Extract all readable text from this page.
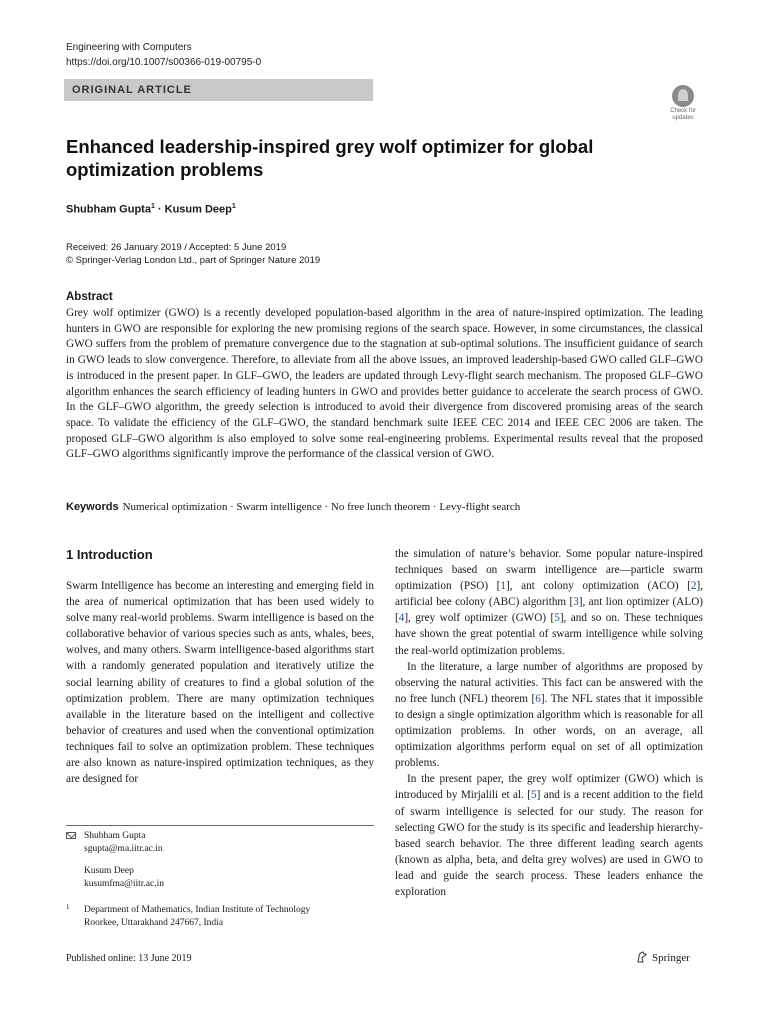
Engineering with Computers
https://doi.org/10.1007/s00366-019-00795-0
ORIGINAL ARTICLE
Check for updates
Enhanced leadership-inspired grey wolf optimizer for global optimization problems
Shubham Gupta$^1$ · Kusum Deep$^1$
Received: 26 January 2019 / Accepted: 5 June 2019
© Springer-Verlag London Ltd., part of Springer Nature 2019
Abstract
Grey wolf optimizer (GWO) is a recently developed population-based algorithm in the area of nature-inspired optimization. The leading hunters in GWO are responsible for exploring the new promising regions of the search space. However, in some circumstances, the classical GWO suffers from the problem of premature convergence due to the stagnation at sub-optimal solutions. The insufficient guidance of search in GWO leads to slow convergence. Therefore, to alleviate from all the above issues, an improved leadership-based GWO called GLF–GWO is introduced in the present paper. In GLF–GWO, the leaders are updated through Levy-flight search mechanism. The proposed GLF–GWO algorithm enhances the search efficiency of leading hunters in GWO and provides better guidance to accelerate the search process of GWO. In the GLF–GWO algorithm, the greedy selection is introduced to avoid their divergence from discovered promising areas of the search space. To validate the efficiency of the GLF–GWO, the standard benchmark suite IEEE CEC 2014 and IEEE CEC 2006 are taken. The proposed GLF–GWO algorithm is also employed to solve some real-engineering problems. Experimental results reveal that the proposed GLF–GWO algorithms significantly improve the performance of the classical version of GWO.
Keywords Numerical optimization · Swarm intelligence · No free lunch theorem · Levy-flight search
1 Introduction

Swarm Intelligence has become an interesting and emerging field in the area of numerical optimization that has been used widely to solve many real-world problems. Swarm intelligence is based on the collaborative behavior of various species such as ants, whales, bees, wolves, and many others. Swarm intelligence-based algorithms start with a randomly generated population and iteratively utilize the social learning ability of creatures to find a global solution of the optimization problem. There are many optimization techniques available in the literature based on the intelligent and collective behavior of creatures and used when the conventional optimization techniques fail to solve an optimization problem. These techniques are also known as nature-inspired optimization techniques, as they are designed for

the simulation of nature’s behavior. Some popular nature-inspired techniques based on swarm intelligence are—particle swarm optimization (PSO) [1], ant colony optimization (ACO) [2], artificial bee colony (ABC) algorithm [3], ant lion optimizer (ALO) [4], grey wolf optimizer (GWO) [5], and so on. These techniques have shown the great potential of swarm intelligence while solving the real-world optimization problems.

In the literature, a large number of algorithms are proposed by observing the natural activities. This fact can be answered with the no free lunch (NFL) theorem [6]. The NFL states that it impossible to design a single optimization algorithm which is reasonable for all optimization problems. In other words, on an average, all optimization algorithms perform equal on set of all optimization problems.

In the present paper, the grey wolf optimizer (GWO) which is introduced by Mirjalili et al. [5] and is a recent addition to the field of swarm intelligence is selected for our study. The reason for selecting GWO for the study is its specific and leadership hierarchy-based search behavior. The three different leading search agents (known as alpha, beta, and delta grey wolves) are used in GWO to lead and guide the search process. These leaders enhance the exploration

Shubham Gupta
sgupta@ma.iitr.ac.in
Kusum Deep
kusumfma@iitr.ac.in
1 Department of Mathematics, Indian Institute of Technology
Roorkee, Uttarakhand 247667, India
Published online: 13 June 2019	Springer
